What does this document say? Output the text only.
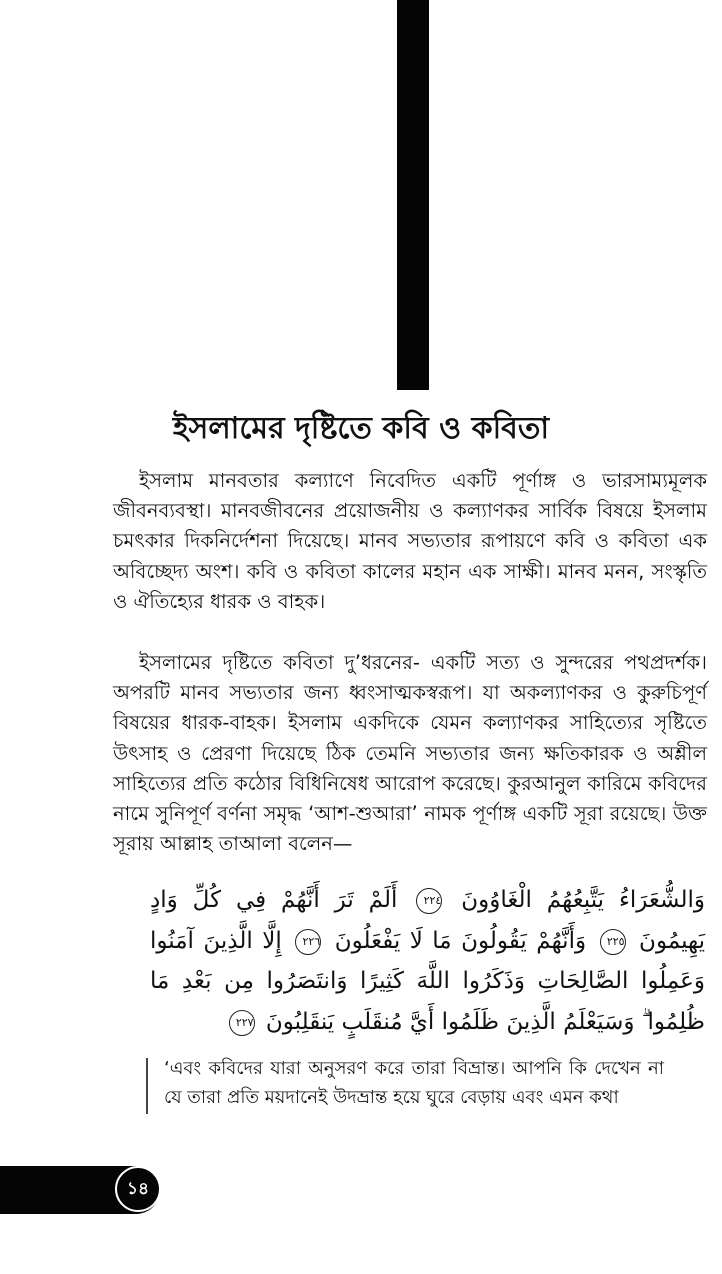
ইসলামের দৃষ্টিতে কবি ও কবিতা
ইসলাম মানবতার কল্যাণে নিবেদিত একটি পূর্ণাঙ্গ ও ভারসাম্যমূলক জীবনব্যবস্থা। মানবজীবনের প্রয়োজনীয় ও কল্যাণকর সার্বিক বিষয়ে ইসলাম চমৎকার দিকনির্দেশনা দিয়েছে। মানব সভ্যতার রূপায়ণে কবি ও কবিতা এক অবিচ্ছেদ্য অংশ। কবি ও কবিতা কালের মহান এক সাক্ষী। মানব মনন, সংস্কৃতি ও ঐতিহ্যের ধারক ও বাহক।
ইসলামের দৃষ্টিতে কবিতা দু’ধরনের- একটি সত্য ও সুন্দরের পথপ্রদর্শক। অপরটি মানব সভ্যতার জন্য ধ্বংসাত্মকস্বরূপ। যা অকল্যাণকর ও কুরুচিপূর্ণ বিষয়ের ধারক-বাহক। ইসলাম একদিকে যেমন কল্যাণকর সাহিত্যের সৃষ্টিতে উৎসাহ ও প্রেরণা দিয়েছে ঠিক তেমনি সভ্যতার জন্য ক্ষতিকারক ও অশ্লীল সাহিত্যের প্রতি কঠোর বিধিনিষেধ আরোপ করেছে। কুরআনুল কারিমে কবিদের নামে সুনিপূর্ণ বর্ণনা সমৃদ্ধ ‘আশ-শুআরা’ নামক পূর্ণাঙ্গ একটি সূরা রয়েছে। উক্ত সূরায় আল্লাহ তাআলা বলেন—
وَالشُّعَرَاءُ يَتَّبِعُهُمُ الْغَاوُونَ ٢٢٤ أَلَمْ تَرَ أَنَّهُمْ فِي كُلِّ وَادٍ يَهِيمُونَ ٢٢٥ وَأَنَّهُمْ يَقُولُونَ مَا لَا يَفْعَلُونَ ٢٢٦ إِلَّا الَّذِينَ آمَنُوا وَعَمِلُوا الصَّالِحَاتِ وَذَكَرُوا اللَّهَ كَثِيرًا وَانتَصَرُوا مِن بَعْدِ مَا ظُلِمُوا ۗ وَسَيَعْلَمُ الَّذِينَ ظَلَمُوا أَيَّ مُنقَلَبٍ يَنقَلِبُونَ ٢٢٧
‘এবং কবিদের যারা অনুসরণ করে তারা বিভ্রান্ত। আপনি কি দেখেন না যে তারা প্রতি ময়দানেই উদভ্রান্ত হয়ে ঘুরে বেড়ায় এবং এমন কথা
১৪
